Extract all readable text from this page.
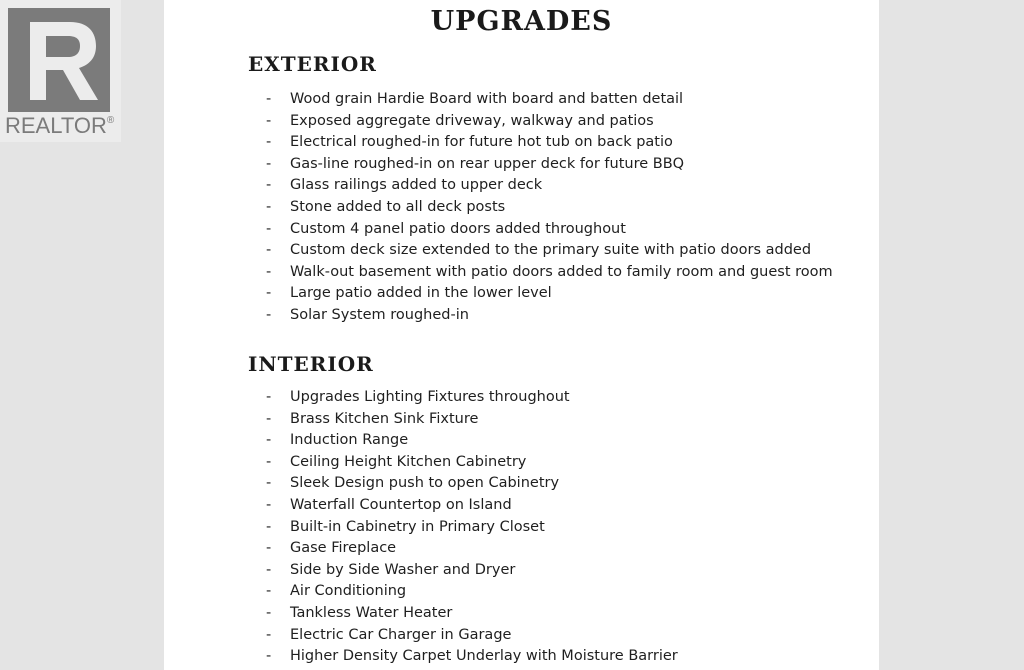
REALTOR®
UPGRADES
EXTERIOR
- Wood grain Hardie Board with board and batten detail
- Exposed aggregate driveway, walkway and patios
- Electrical roughed-in for future hot tub on back patio
- Gas-line roughed-in on rear upper deck for future BBQ
- Glass railings added to upper deck
- Stone added to all deck posts
- Custom 4 panel patio doors added throughout
- Custom deck size extended to the primary suite with patio doors added
- Walk-out basement with patio doors added to family room and guest room
- Large patio added in the lower level
- Solar System roughed-in
INTERIOR
- Upgrades Lighting Fixtures throughout
- Brass Kitchen Sink Fixture
- Induction Range
- Ceiling Height Kitchen Cabinetry
- Sleek Design push to open Cabinetry
- Waterfall Countertop on Island
- Built-in Cabinetry in Primary Closet
- Gase Fireplace
- Side by Side Washer and Dryer
- Air Conditioning
- Tankless Water Heater
- Electric Car Charger in Garage
- Higher Density Carpet Underlay with Moisture Barrier
